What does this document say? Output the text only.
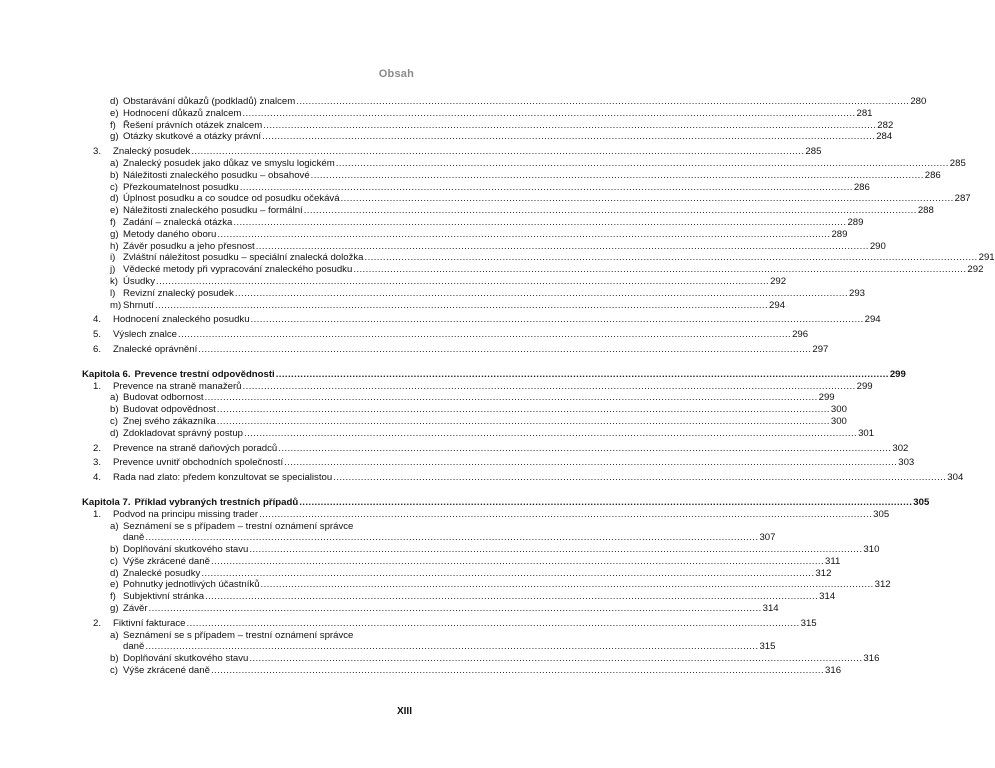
Obsah
d) Obstarávání důkazů (podkladů) znalcem .....	280
e) Hodnocení důkazů znalcem .....	281
f) Řešení právních otázek znalcem .....	282
g) Otázky skutkové a otázky právní .....	284
3.	Znalecký posudek .....	285
a) Znalecký posudek jako důkaz ve smyslu logickém .....	285
b) Náležitosti znaleckého posudku – obsahové .....	286
c) Přezkoumatelnost posudku .....	286
d) Úplnost posudku a co soudce od posudku očekává .....	287
e) Náležitosti znaleckého posudku – formální .....	288
f) Zadání – znalecká otázka .....	289
g) Metody daného oboru .....	289
h) Závěr posudku a jeho přesnost .....	290
i) Zvláštní náležitost posudku – speciální znalecká doložka .....	291
j) Vědecké metody při vypracování znaleckého posudku .....	292
k) Úsudky .....	292
l) Revizní znalecký posudek .....	293
m) Shrnutí .....	294
4.	Hodnocení znaleckého posudku .....	294
5.	Výslech znalce .....	296
6.	Znalecké oprávnění .....	297
Kapitola 6. Prevence trestní odpovědnosti .....	299
1.	Prevence na straně manažerů .....	299
a) Budovat odbornost .....	299
b) Budovat odpovědnost .....	300
c) Znej svého zákazníka .....	300
d) Zdokladovat správný postup .....	301
2.	Prevence na straně daňových poradců .....	302
3.	Prevence uvnitř obchodních společností .....	303
4.	Rada nad zlato: předem konzultovat se specialistou .....	304
Kapitola 7. Příklad vybraných trestních případů .....	305
1.	Podvod na principu missing trader .....	305
a) Seznámení se s případem – trestní oznámení správce
daně .....	307
b) Doplňování skutkového stavu .....	310
c) Výše zkrácené daně .....	311
d) Znalecké posudky .....	312
e) Pohnutky jednotlivých účastníků .....	312
f) Subjektivní stránka .....	314
g) Závěr .....	314
2.	Fiktivní fakturace .....	315
a) Seznámení se s případem – trestní oznámení správce
daně .....	315
b) Doplňování skutkového stavu .....	316
c) Výše zkrácené daně .....	316
XIII
